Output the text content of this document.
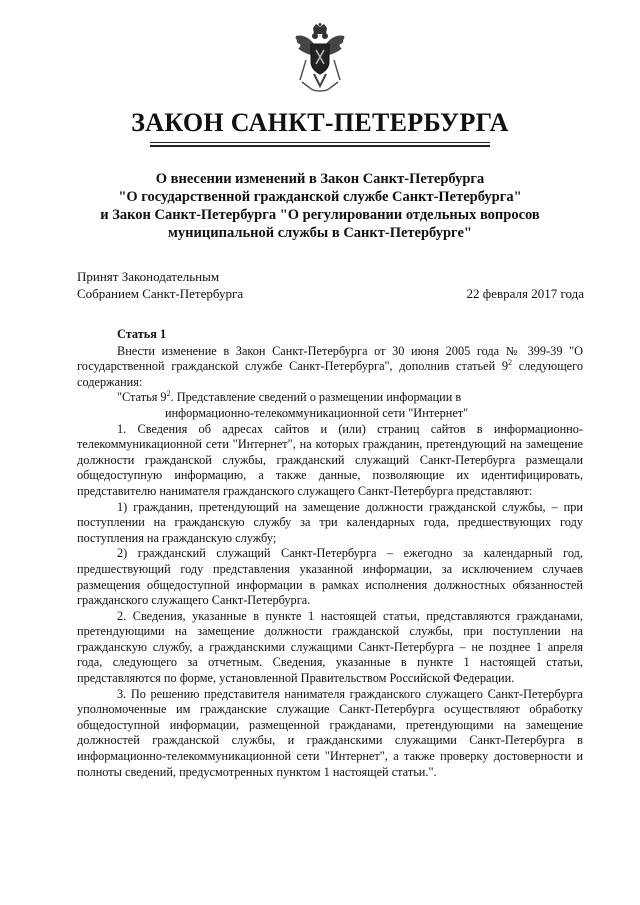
ЗАКОН САНКТ-ПЕТЕРБУРГА
О внесении изменений в Закон Санкт-Петербурга
"О государственной гражданской службе Санкт-Петербурга"
и Закон Санкт-Петербурга "О регулировании отдельных вопросов
муниципальной службы в Санкт-Петербурге"
Принят Законодательным
Собранием Санкт-Петербурга	22 февраля 2017 года
Статья 1

Внести изменение в Закон Санкт-Петербурга от 30 июня 2005 года № 399-39 "О государственной гражданской службе Санкт-Петербурга", дополнив статьей $9^2$ следующего содержания:

"Статья $9^2$. Представление сведений о размещении информации в

информационно-телекоммуникационной сети "Интернет"

1. Сведения об адресах сайтов и (или) страниц сайтов в информационно-телекоммуникационной сети "Интернет", на которых гражданин, претендующий на замещение должности гражданской службы, гражданский служащий Санкт-Петербурга размещали общедоступную информацию, а также данные, позволяющие их идентифицировать, представителю нанимателя гражданского служащего Санкт-Петербурга представляют:

1) гражданин, претендующий на замещение должности гражданской службы, – при поступлении на гражданскую службу за три календарных года, предшествующих году поступления на гражданскую службу;

2) гражданский служащий Санкт-Петербурга – ежегодно за календарный год, предшествующий году представления указанной информации, за исключением случаев размещения общедоступной информации в рамках исполнения должностных обязанностей гражданского служащего Санкт-Петербурга.

2. Сведения, указанные в пункте 1 настоящей статьи, представляются гражданами, претендующими на замещение должности гражданской службы, при поступлении на гражданскую службу, а гражданскими служащими Санкт-Петербурга – не позднее 1 апреля года, следующего за отчетным. Сведения, указанные в пункте 1 настоящей статьи, представляются по форме, установленной Правительством Российской Федерации.

3. По решению представителя нанимателя гражданского служащего Санкт-Петербурга уполномоченные им гражданские служащие Санкт-Петербурга осуществляют обработку общедоступной информации, размещенной гражданами, претендующими на замещение должностей гражданской службы, и гражданскими служащими Санкт-Петербурга в информационно-телекоммуникационной сети "Интернет", а также проверку достоверности и полноты сведений, предусмотренных пунктом 1 настоящей статьи.".
